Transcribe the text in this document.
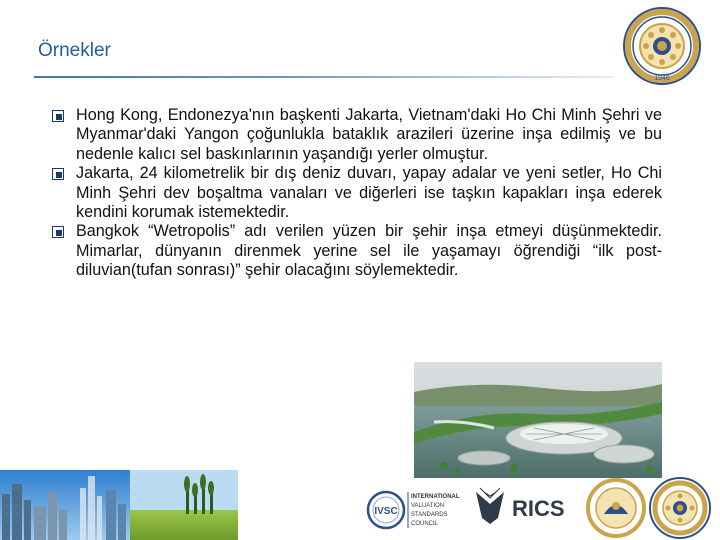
Örnekler
1946
Hong Kong, Endonezya'nın başkenti Jakarta, Vietnam'daki Ho Chi Minh Şehri ve Myanmar'daki Yangon çoğunlukla bataklık arazileri üzerine inşa edilmiş ve bu nedenle kalıcı sel baskınlarının yaşandığı yerler olmuştur.
Jakarta, 24 kilometrelik bir dış deniz duvarı, yapay adalar ve yeni setler, Ho Chi Minh Şehri dev boşaltma vanaları ve diğerleri ise taşkın kapakları inşa ederek kendini korumak istemektedir.
Bangkok “Wetropolis” adı verilen yüzen bir şehir inşa etmeyi düşünmektedir. Mimarlar, dünyanın direnmek yerine sel ile yaşamayı öğrendiği “ilk post- diluvian(tufan sonrası)” şehir olacağını söylemektedir.
IVSC
INTERNATIONAL
VALUATION
STANDARDS
COUNCIL
RICS
